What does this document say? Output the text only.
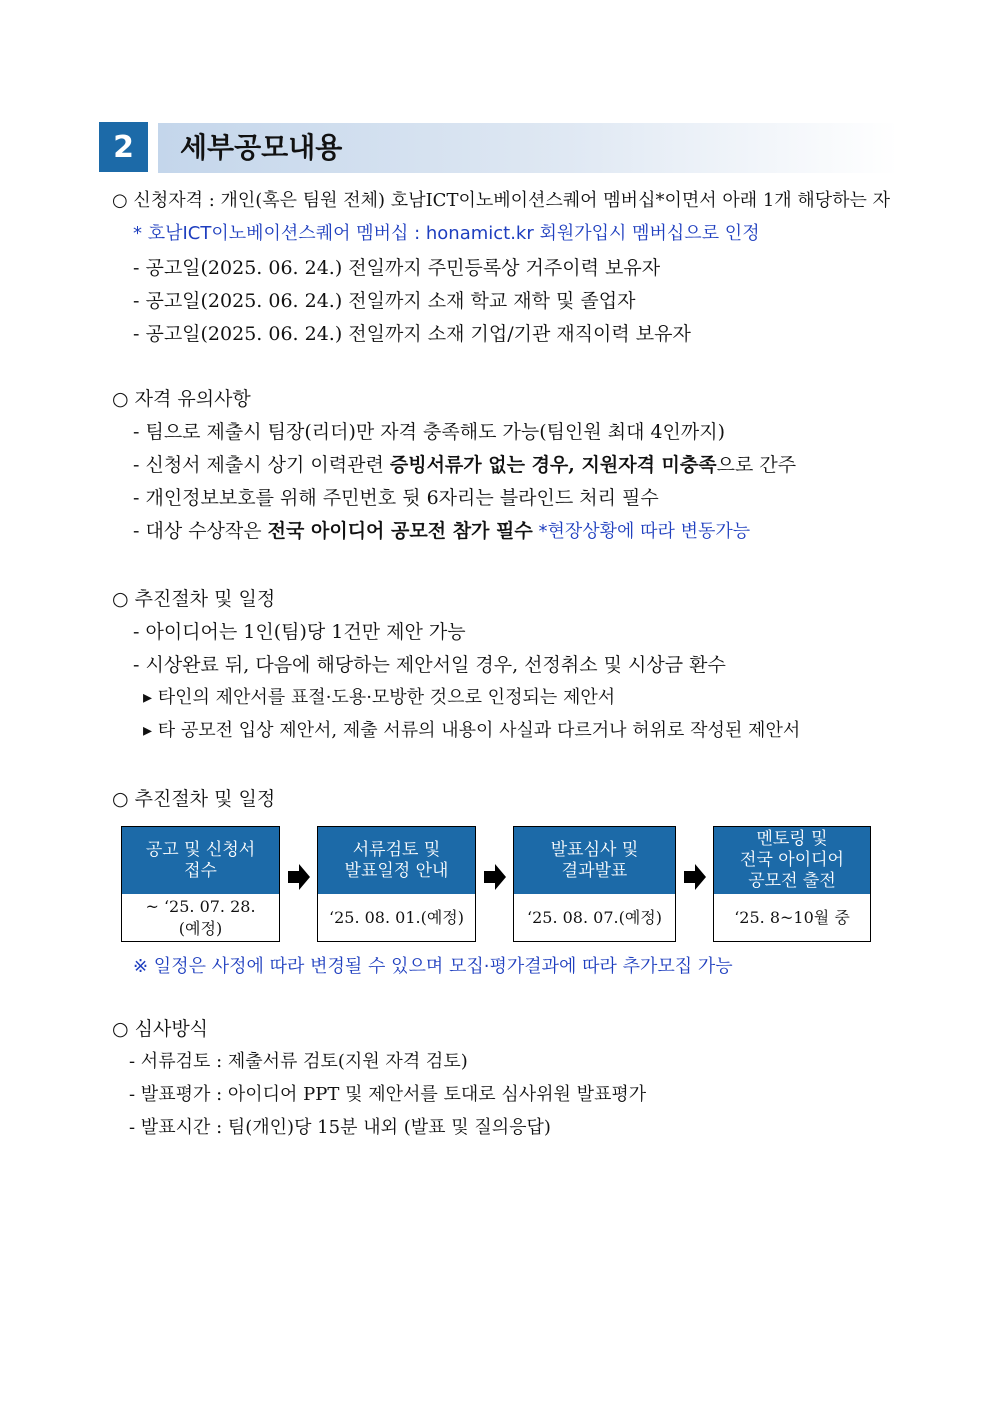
2	세부공모내용
○ 신청자격 : 개인(혹은 팀원 전체) 호남ICT이노베이션스퀘어 멤버십*이면서 아래 1개 해당하는 자
* 호남ICT이노베이션스퀘어 멤버십 : honamict.kr 회원가입시 멤버십으로 인정
- 공고일(2025. 06. 24.) 전일까지 주민등록상 거주이력 보유자
- 공고일(2025. 06. 24.) 전일까지 소재 학교 재학 및 졸업자
- 공고일(2025. 06. 24.) 전일까지 소재 기업/기관 재직이력 보유자
○ 자격 유의사항
- 팀으로 제출시 팀장(리더)만 자격 충족해도 가능(팀인원 최대 4인까지)
- 신청서 제출시 상기 이력관련 증빙서류가 없는 경우, 지원자격 미충족으로 간주
- 개인정보보호를 위해 주민번호 뒷 6자리는 블라인드 처리 필수
- 대상 수상작은 전국 아이디어 공모전 참가 필수 *현장상황에 따라 변동가능
○ 추진절차 및 일정
- 아이디어는 1인(팀)당 1건만 제안 가능
- 시상완료 뒤, 다음에 해당하는 제안서일 경우, 선정취소 및 시상금 환수
▸ 타인의 제안서를 표절·도용·모방한 것으로 인정되는 제안서
▸ 타 공모전 입상 제안서, 제출 서류의 내용이 사실과 다르거나 허위로 작성된 제안서
○ 추진절차 및 일정
공고 및 신청서
접수
~ ‘25. 07. 28.
(예정)
서류검토 및
발표일정 안내
‘25. 08. 01.(예정)
발표심사 및
결과발표
‘25. 08. 07.(예정)
멘토링 및
전국 아이디어
공모전 출전
‘25. 8~10월 중
※ 일정은 사정에 따라 변경될 수 있으며 모집·평가결과에 따라 추가모집 가능
○ 심사방식
- 서류검토 : 제출서류 검토(지원 자격 검토)
- 발표평가 : 아이디어 PPT 및 제안서를 토대로 심사위원 발표평가
- 발표시간 : 팀(개인)당 15분 내외 (발표 및 질의응답)
